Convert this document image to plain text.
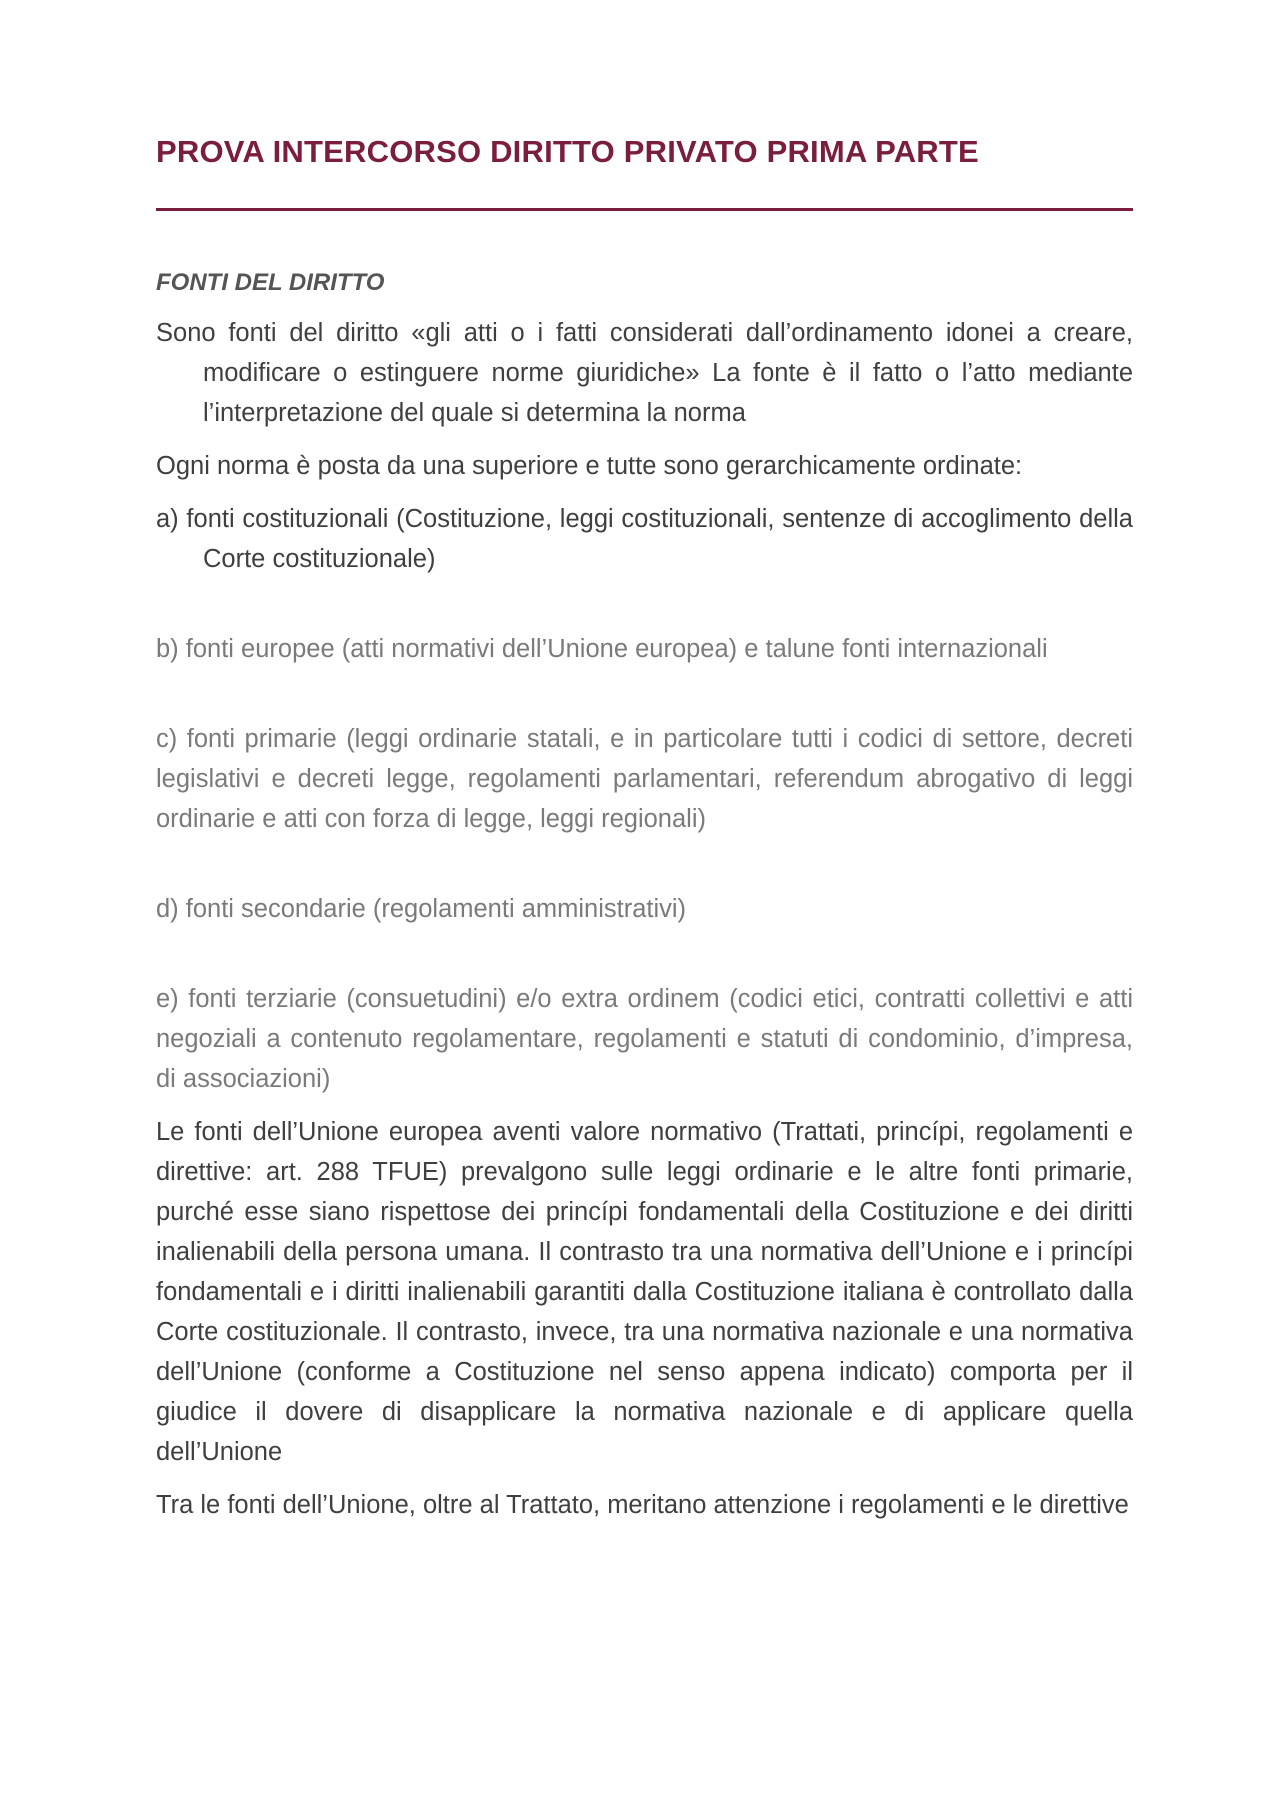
PROVA INTERCORSO DIRITTO PRIVATO PRIMA PARTE
FONTI DEL DIRITTO

Sono fonti del diritto «gli atti o i fatti considerati dall’ordinamento idonei a creare, modificare o estinguere norme giuridiche» La fonte è il fatto o l’atto mediante l’interpretazione del quale si determina la norma

Ogni norma è posta da una superiore e tutte sono gerarchicamente ordinate:

a) fonti costituzionali (Costituzione, leggi costituzionali, sentenze di accoglimento della Corte costituzionale)

b) fonti europee (atti normativi dell’Unione europea) e talune fonti internazionali

c) fonti primarie (leggi ordinarie statali, e in particolare tutti i codici di settore, decreti legislativi e decreti legge, regolamenti parlamentari, referendum abrogativo di leggi ordinarie e atti con forza di legge, leggi regionali)

d) fonti secondarie (regolamenti amministrativi)

e) fonti terziarie (consuetudini) e/o extra ordinem (codici etici, contratti collettivi e atti negoziali a contenuto regolamentare, regolamenti e statuti di condominio, d’impresa, di associazioni)

Le fonti dell’Unione europea aventi valore normativo (Trattati, princípi, regolamenti e direttive: art. 288 TFUE) prevalgono sulle leggi ordinarie e le altre fonti primarie, purché esse siano rispettose dei princípi fondamentali della Costituzione e dei diritti inalienabili della persona umana. Il contrasto tra una normativa dell’Unione e i princípi fondamentali e i diritti inalienabili garantiti dalla Costituzione italiana è controllato dalla Corte costituzionale. Il contrasto, invece, tra una normativa nazionale e una normativa dell’Unione (conforme a Costituzione nel senso appena indicato) comporta per il giudice il dovere di disapplicare la normativa nazionale e di applicare quella dell’Unione

Tra le fonti dell’Unione, oltre al Trattato, meritano attenzione i regolamenti e le direttive
